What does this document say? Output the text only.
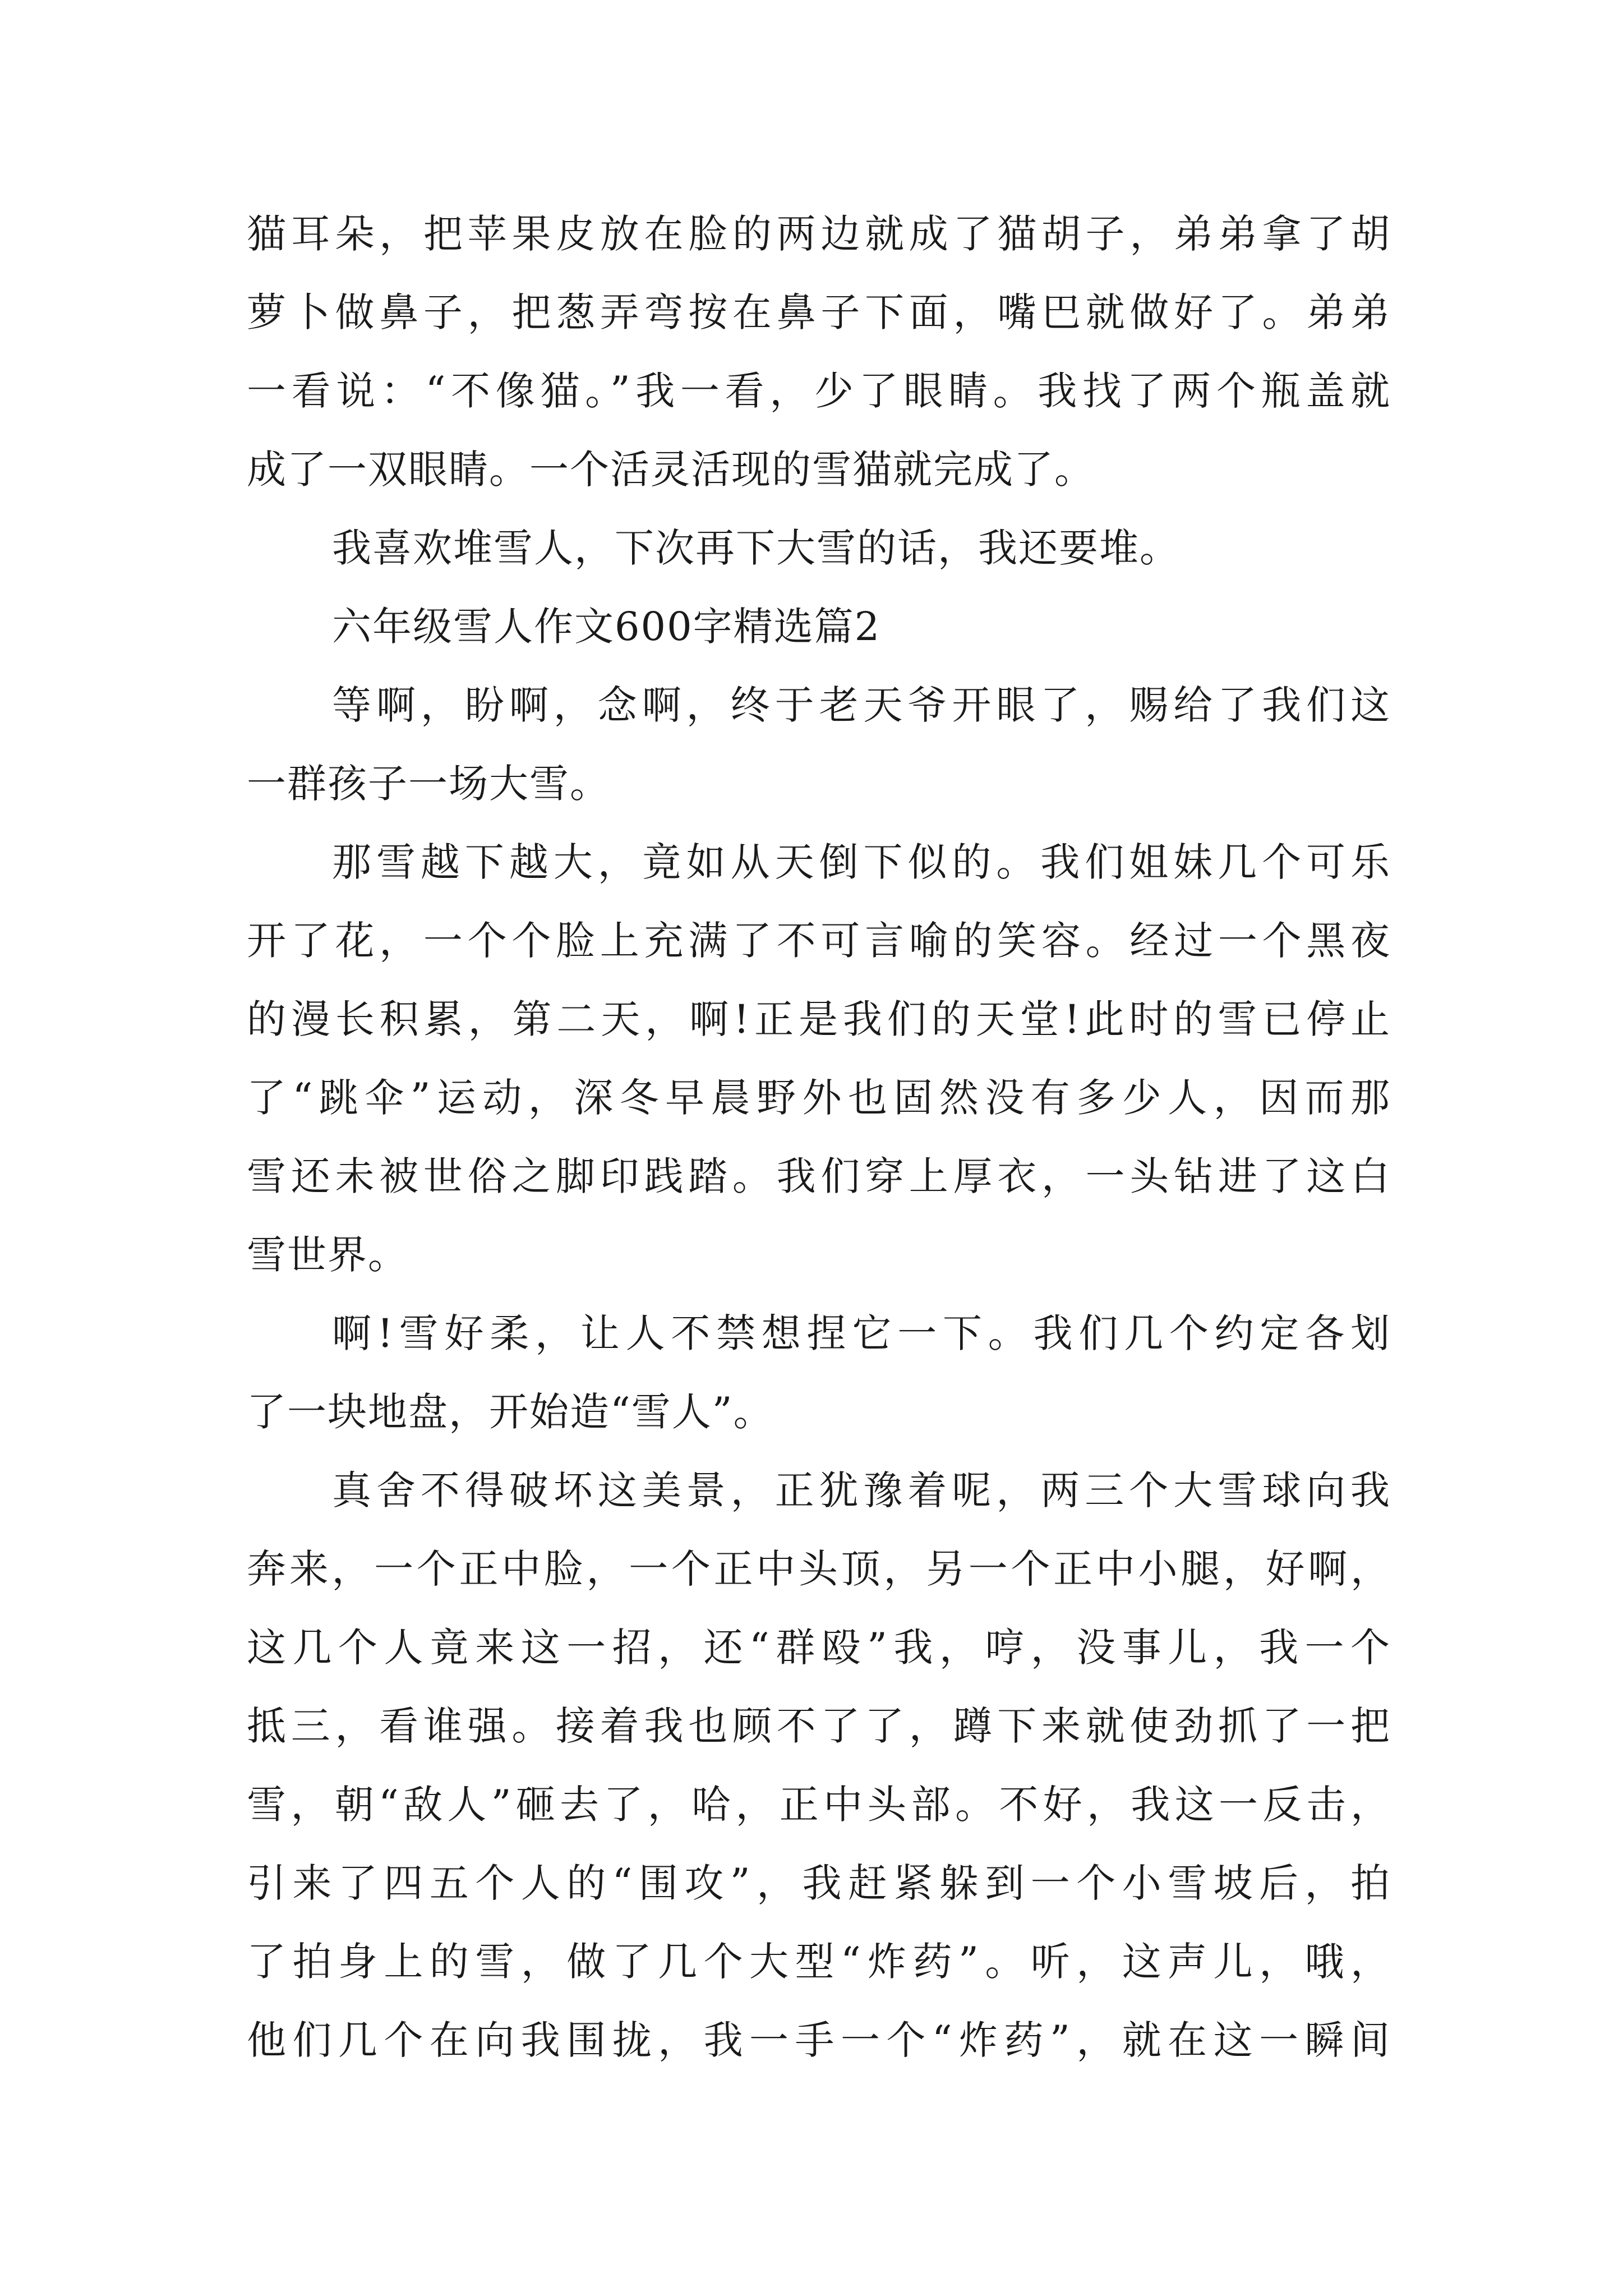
猫耳朵，把苹果皮放在脸的两边就成了猫胡子，弟弟拿了胡
萝卜做鼻子，把葱弄弯按在鼻子下面，嘴巴就做好了。弟弟
一看说：“不像猫。”我一看，少了眼睛。我找了两个瓶盖就
成了一双眼睛。一个活灵活现的雪猫就完成了。
我喜欢堆雪人，下次再下大雪的话，我还要堆。
六年级雪人作文600字精选篇2
等啊，盼啊，念啊，终于老天爷开眼了，赐给了我们这
一群孩子一场大雪。
那雪越下越大，竟如从天倒下似的。我们姐妹几个可乐
开了花，一个个脸上充满了不可言喻的笑容。经过一个黑夜
的漫长积累，第二天，啊!正是我们的天堂!此时的雪已停止
了“跳伞”运动，深冬早晨野外也固然没有多少人，因而那
雪还未被世俗之脚印践踏。我们穿上厚衣，一头钻进了这白
雪世界。
啊!雪好柔，让人不禁想捏它一下。我们几个约定各划
了一块地盘，开始造“雪人”。
真舍不得破坏这美景，正犹豫着呢，两三个大雪球向我
奔来，一个正中脸，一个正中头顶，另一个正中小腿，好啊，
这几个人竟来这一招，还“群殴”我，哼，没事儿，我一个
抵三，看谁强。接着我也顾不了了，蹲下来就使劲抓了一把
雪，朝“敌人”砸去了，哈，正中头部。不好，我这一反击，
引来了四五个人的“围攻”，我赶紧躲到一个小雪坡后，拍
了拍身上的雪，做了几个大型“炸药”。听，这声儿，哦，
他们几个在向我围拢，我一手一个“炸药”，就在这一瞬间
